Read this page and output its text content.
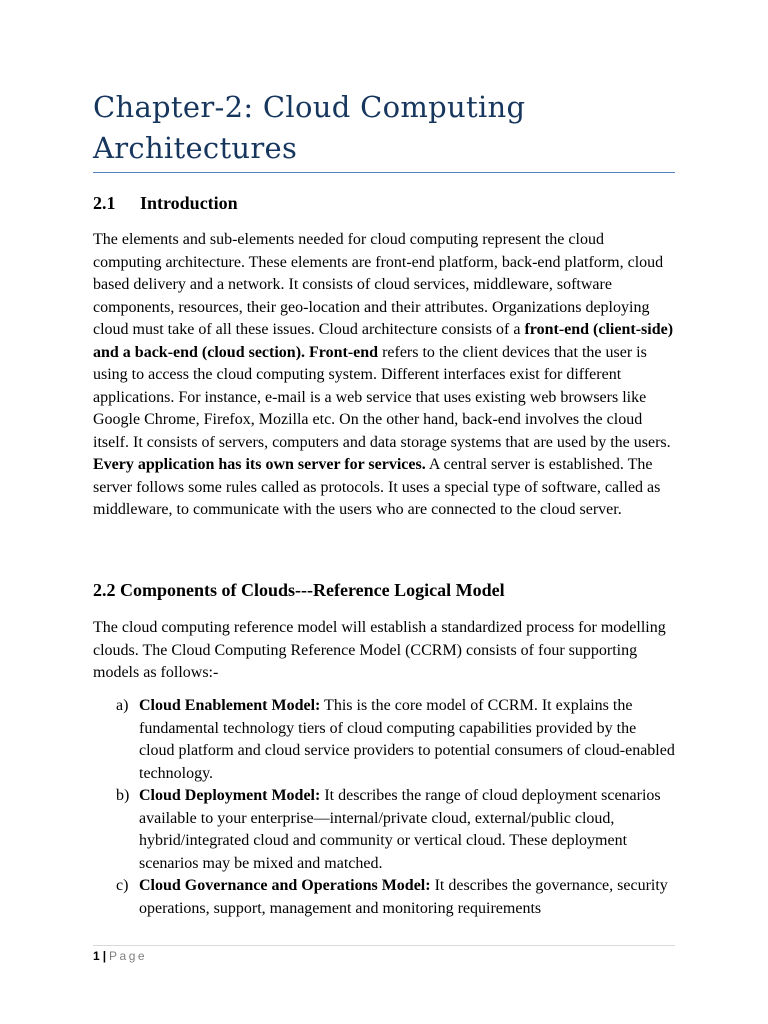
Chapter-2: Cloud Computing Architectures
2.1 Introduction

The elements and sub-elements needed for cloud computing represent the cloud computing architecture. These elements are front-end platform, back-end platform, cloud based delivery and a network. It consists of cloud services, middleware, software components, resources, their geo-location and their attributes. Organizations deploying cloud must take of all these issues. Cloud architecture consists of a front-end (client-side) and a back-end (cloud section). Front-end refers to the client devices that the user is using to access the cloud computing system. Different interfaces exist for different applications. For instance, e-mail is a web service that uses existing web browsers like Google Chrome, Firefox, Mozilla etc. On the other hand, back-end involves the cloud itself. It consists of servers, computers and data storage systems that are used by the users. Every application has its own server for services. A central server is established. The server follows some rules called as protocols. It uses a special type of software, called as middleware, to communicate with the users who are connected to the cloud server.

2.2 Components of Clouds---Reference Logical Model

The cloud computing reference model will establish a standardized process for modelling clouds. The Cloud Computing Reference Model (CCRM) consists of four supporting models as follows:-

a) Cloud Enablement Model: This is the core model of CCRM. It explains the fundamental technology tiers of cloud computing capabilities provided by the cloud platform and cloud service providers to potential consumers of cloud-enabled technology.
b) Cloud Deployment Model: It describes the range of cloud deployment scenarios available to your enterprise—internal/private cloud, external/public cloud, hybrid/integrated cloud and community or vertical cloud. These deployment scenarios may be mixed and matched.
c) Cloud Governance and Operations Model: It describes the governance, security operations, support, management and monitoring requirements
1 | Page
